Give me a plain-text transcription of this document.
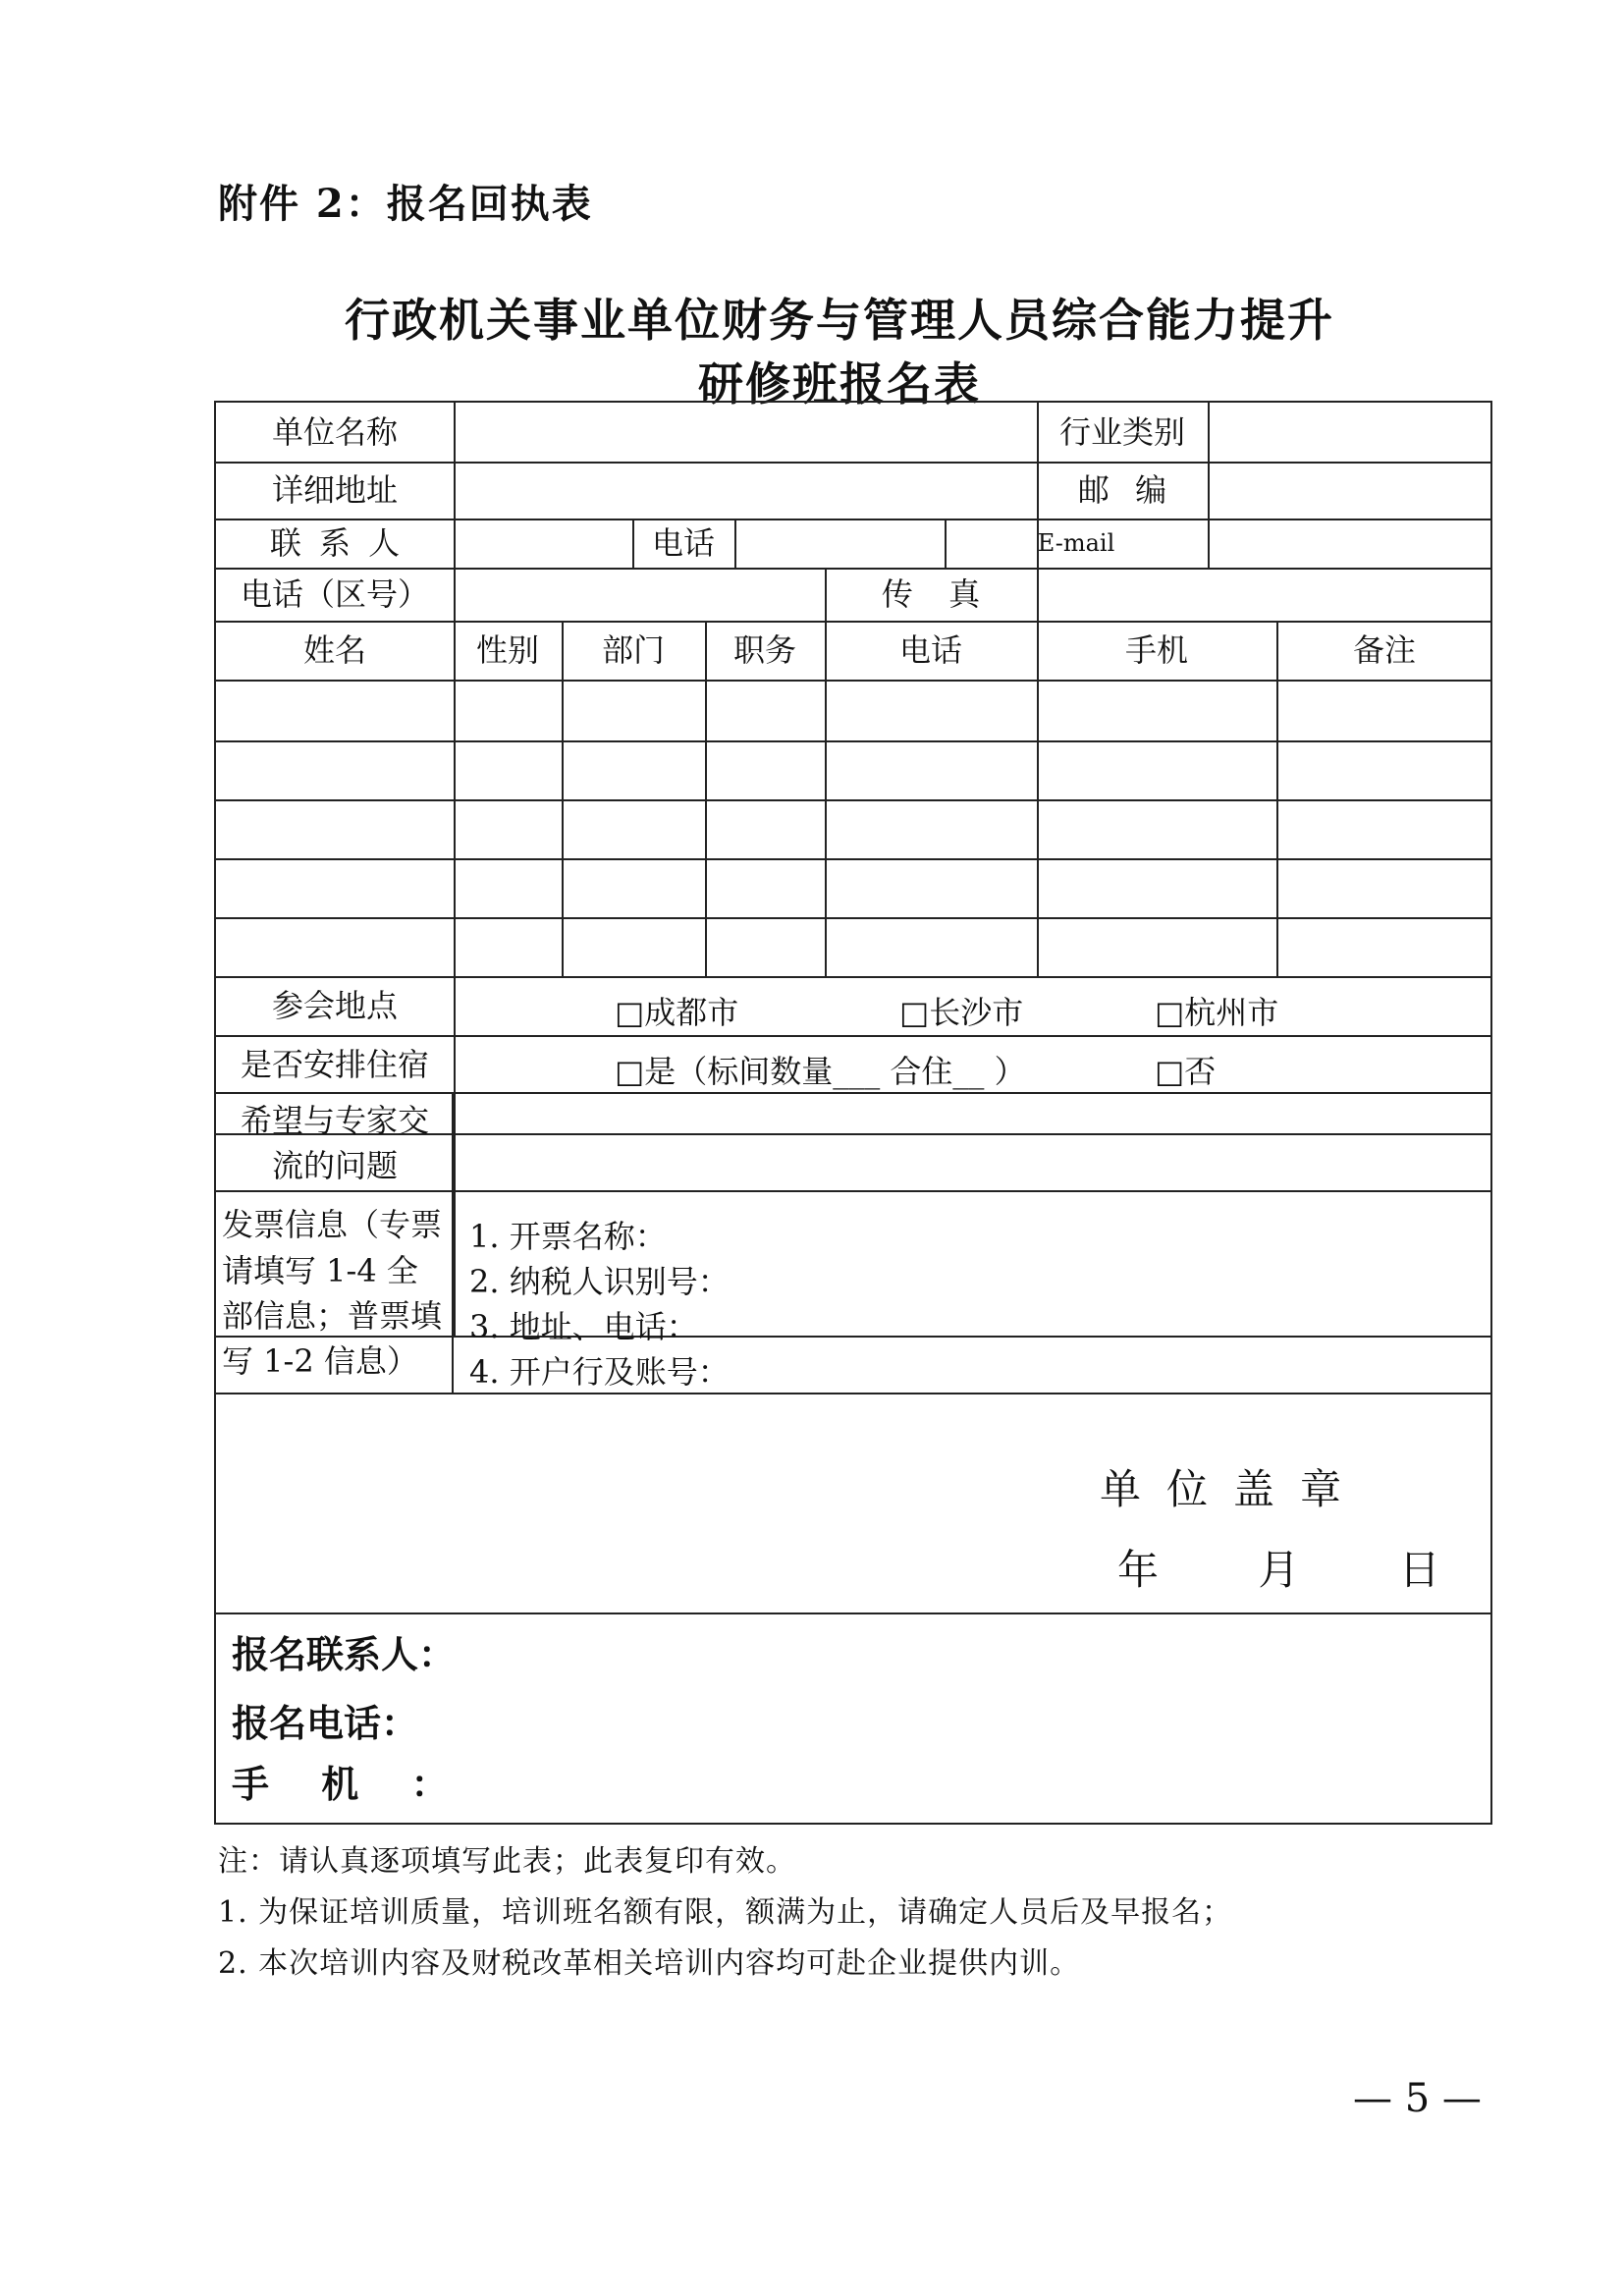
附件 2：报名回执表
行政机关事业单位财务与管理人员综合能力提升
研修班报名表
单位名称	行业类别
详细地址	邮 编
联 系 人	电话	E-mail
电话（区号）	传 真
姓名	性别	部门	职务	电话	手机	备注
参会地点	□成都市	□长沙市	□杭州市
是否安排住宿	□是（标间数量___ 合住__ ）	□否
希望与专家交流的问题
发票信息（专票请填写 1-4 全部信息；普票填写 1-2 信息）
1. 开票名称：
2. 纳税人识别号：
3. 地址、电话：
4. 开户行及账号：
单位盖章
年 月 日
报名联系人：
报名电话：
手 机 ：
注：请认真逐项填写此表；此表复印有效。
1. 为保证培训质量，培训班名额有限，额满为止，请确定人员后及早报名；
2. 本次培训内容及财税改革相关培训内容均可赴企业提供内训。
— 5 —
